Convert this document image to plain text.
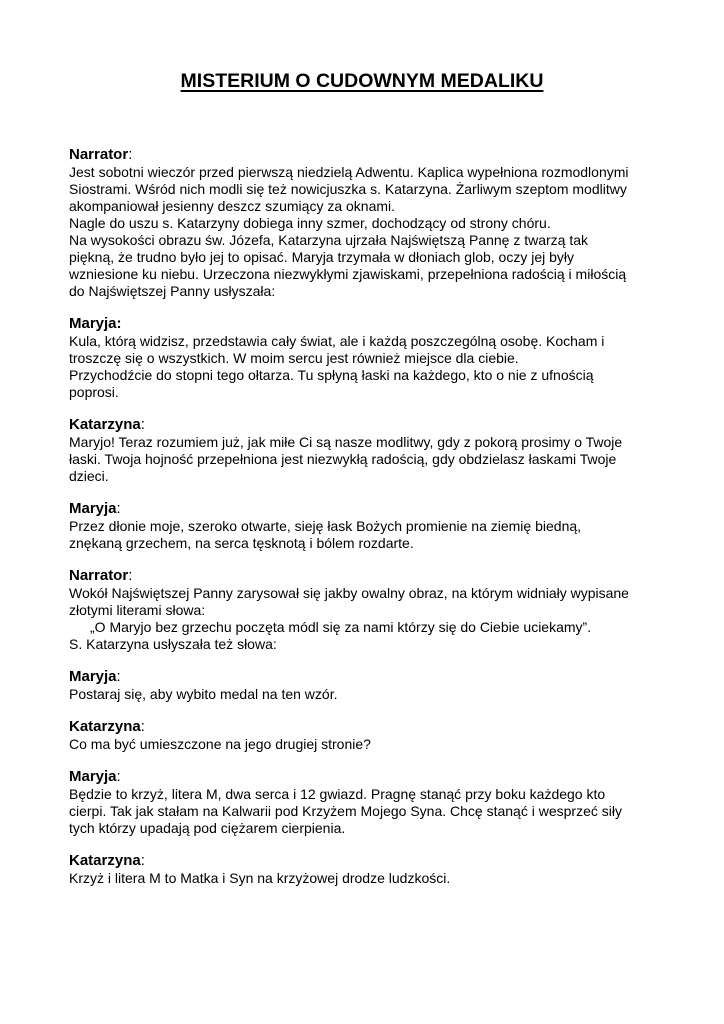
MISTERIUM O CUDOWNYM MEDALIKU

Narrator:

Jest sobotni wieczór przed pierwszą niedzielą Adwentu. Kaplica wypełniona rozmodlonymi
Siostrami. Wśród nich modli się też nowicjuszka s. Katarzyna. Żarliwym szeptom modlitwy
akompaniował jesienny deszcz szumiący za oknami.
Nagle do uszu s. Katarzyny dobiega inny szmer, dochodzący od strony chóru.
Na wysokości obrazu św. Józefa, Katarzyna ujrzała Najświętszą Pannę z twarzą tak
piękną, że trudno było jej to opisać. Maryja trzymała w dłoniach glob, oczy jej były
wzniesione ku niebu. Urzeczona niezwykłymi zjawiskami, przepełniona radością i miłością
do Najświętszej Panny usłyszała:

Maryja:

Kula, którą widzisz, przedstawia cały świat, ale i każdą poszczególną osobę. Kocham i
troszczę się o wszystkich. W moim sercu jest również miejsce dla ciebie.
Przychodźcie do stopni tego ołtarza. Tu spłyną łaski na każdego, kto o nie z ufnością
poprosi.

Katarzyna:

Maryjo! Teraz rozumiem już, jak miłe Ci są nasze modlitwy, gdy z pokorą prosimy o Twoje
łaski. Twoja hojność przepełniona jest niezwykłą radością, gdy obdzielasz łaskami Twoje
dzieci.

Maryja:

Przez dłonie moje, szeroko otwarte, sieję łask Bożych promienie na ziemię biedną,
znękaną grzechem, na serca tęsknotą i bólem rozdarte.

Narrator:

Wokół Najświętszej Panny zarysował się jakby owalny obraz, na którym widniały wypisane
złotymi literami słowa:
„O Maryjo bez grzechu poczęta módl się za nami którzy się do Ciebie uciekamy”.
S. Katarzyna usłyszała też słowa:

Maryja:

Postaraj się, aby wybito medal na ten wzór.

Katarzyna:

Co ma być umieszczone na jego drugiej stronie?

Maryja:

Będzie to krzyż, litera M, dwa serca i 12 gwiazd. Pragnę stanąć przy boku każdego kto
cierpi. Tak jak stałam na Kalwarii pod Krzyżem Mojego Syna. Chcę stanąć i wesprzeć siły
tych którzy upadają pod ciężarem cierpienia.

Katarzyna:

Krzyż i litera M to Matka i Syn na krzyżowej drodze ludzkości.
